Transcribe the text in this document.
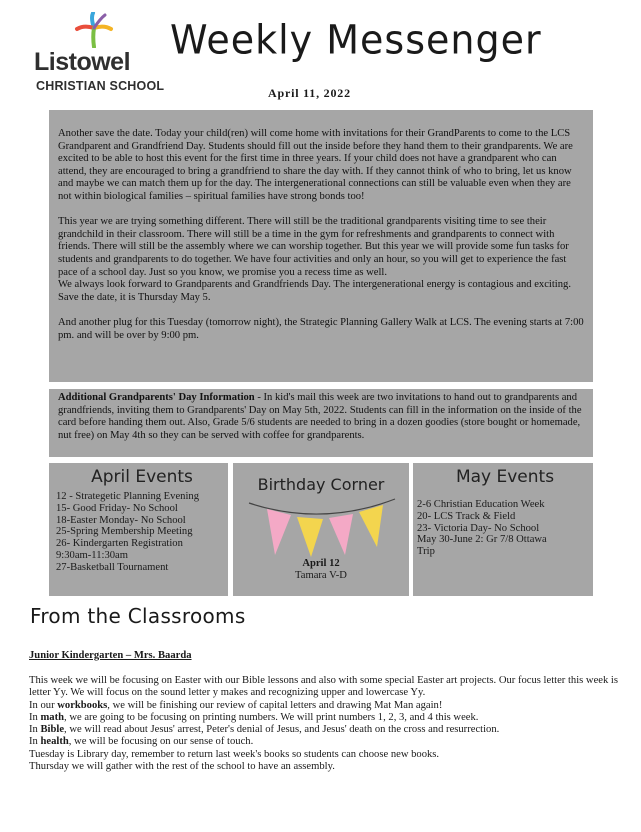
Listowel
CHRISTIAN SCHOOL
Weekly Messenger
April 11, 2022

Another save the date. Today your child(ren) will come home with invitations for their GrandParents to come to the LCS Grandparent and Grandfriend Day. Students should fill out the inside before they hand them to their grandparents. We are excited to be able to host this event for the first time in three years. If your child does not have a grandparent who can attend, they are encouraged to bring a grandfriend to share the day with. If they cannot think of who to bring, let us know and maybe we can match them up for the day. The intergenerational connections can still be valuable even when they are not within biological families – spiritual families have strong bonds too!

This year we are trying something different. There will still be the traditional grandparents visiting time to see their grandchild in their classroom. There will still be a time in the gym for refreshments and grandparents to connect with friends. There will still be the assembly where we can worship together. But this year we will provide some fun tasks for students and grandparents to do together. We have four activities and only an hour, so you will get to experience the fast pace of a school day. Just so you know, we promise you a recess time as well.

We always look forward to Grandparents and Grandfriends Day. The intergenerational energy is contagious and exciting. Save the date, it is Thursday May 5.

And another plug for this Tuesday (tomorrow night), the Strategic Planning Gallery Walk at LCS. The evening starts at 7:00 pm. and will be over by 9:00 pm.

Additional Grandparents' Day Information - In kid's mail this week are two invitations to hand out to grandparents and grandfriends, inviting them to Grandparents' Day on May 5th, 2022. Students can fill in the information on the inside of the card before handing them out. Also, Grade 5/6 students are needed to bring in a dozen goodies (store bought or homemade, nut free) on May 4th so they can be served with coffee for grandparents.
April Events
12 - Strategetic Planning Evening
15- Good Friday- No School
18-Easter Monday- No School
25-Spring Membership Meeting
26- Kindergarten Registration
9:30am-11:30am
27-Basketball Tournament
Birthday Corner
April 12
Tamara V-D
May Events
2-6 Christian Education Week
20- LCS Track & Field
23- Victoria Day- No School
May 30-June 2: Gr 7/8 Ottawa
Trip
From the Classrooms
Junior Kindergarten – Mrs. Baarda

This week we will be focusing on Easter with our Bible lessons and also with some special Easter art projects. Our focus letter this week is letter Yy. We will focus on the sound letter y makes and recognizing upper and lowercase Yy.

In our workbooks, we will be finishing our review of capital letters and drawing Mat Man again!

In math, we are going to be focusing on printing numbers. We will print numbers 1, 2, 3, and 4 this week.

In Bible, we will read about Jesus' arrest, Peter's denial of Jesus, and Jesus' death on the cross and resurrection.

In health, we will be focusing on our sense of touch.

Tuesday is Library day, remember to return last week's books so students can choose new books.

Thursday we will gather with the rest of the school to have an assembly.
